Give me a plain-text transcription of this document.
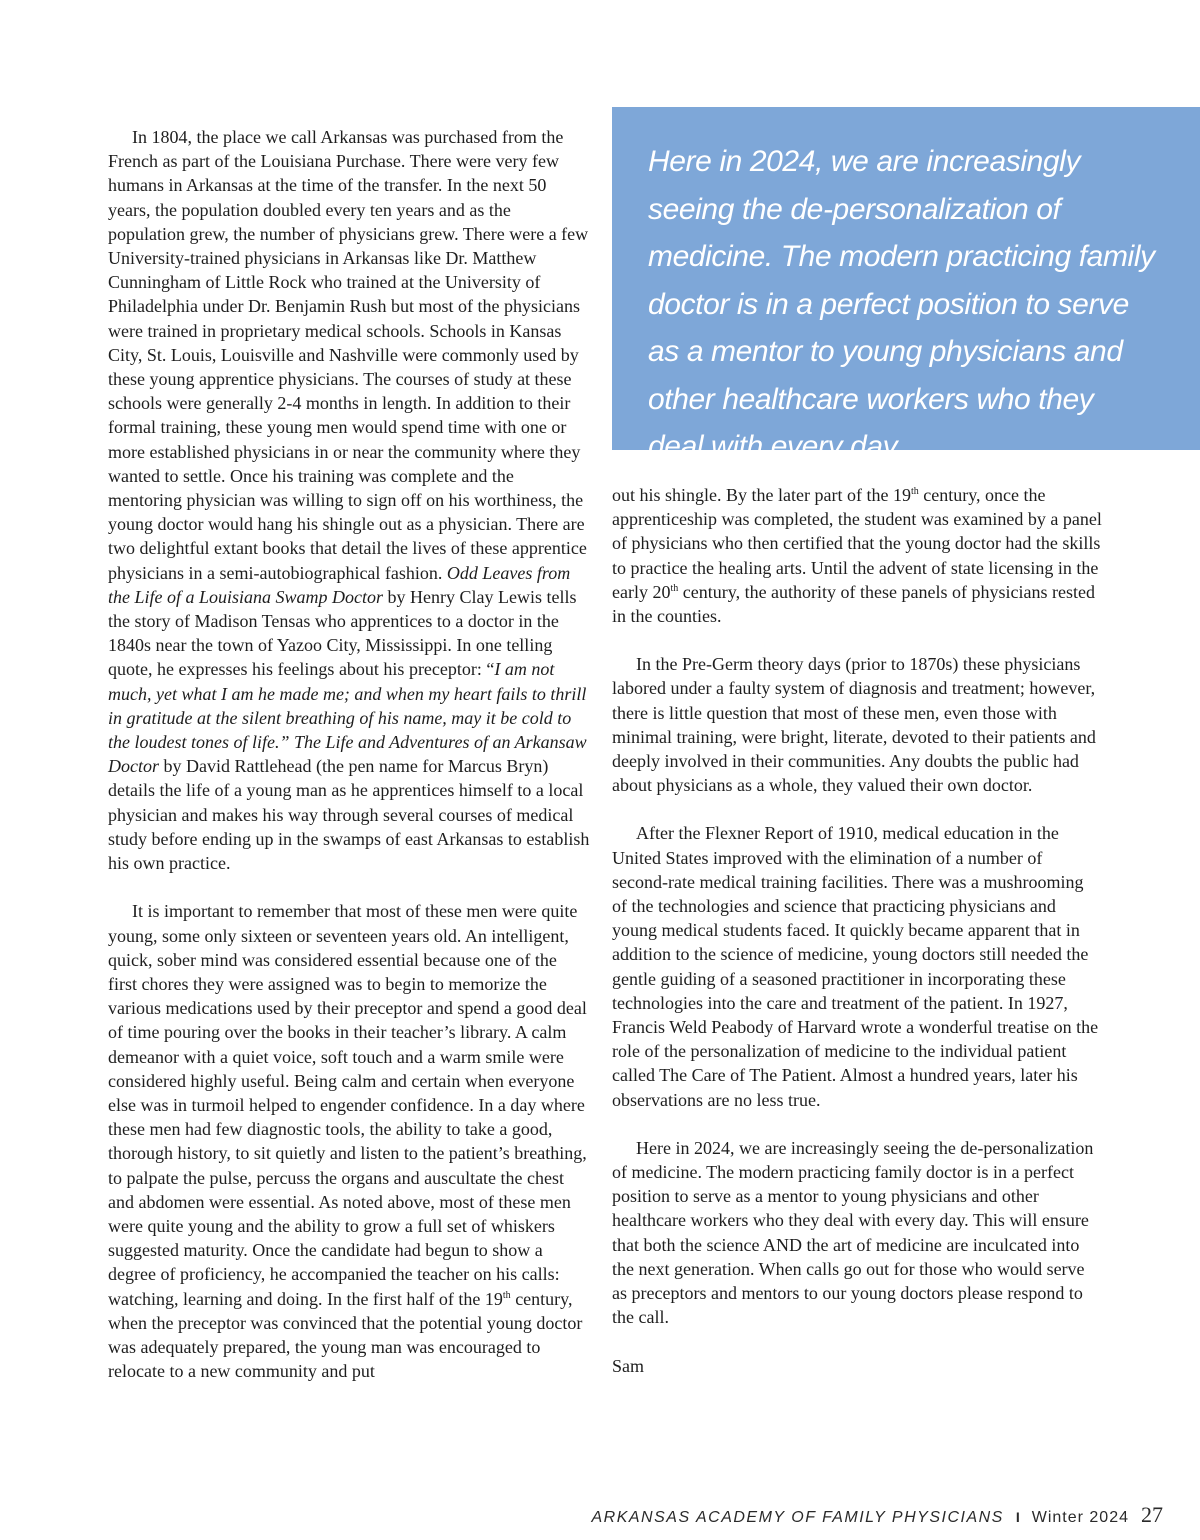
In 1804, the place we call Arkansas was purchased from the French as part of the Louisiana Purchase. There were very few humans in Arkansas at the time of the transfer. In the next 50 years, the population doubled every ten years and as the population grew, the number of physicians grew. There were a few University-trained physicians in Arkansas like Dr. Matthew Cunningham of Little Rock who trained at the University of Philadelphia under Dr. Benjamin Rush but most of the physicians were trained in proprietary medical schools. Schools in Kansas City, St. Louis, Louisville and Nashville were commonly used by these young apprentice physicians. The courses of study at these schools were generally 2-4 months in length. In addition to their formal training, these young men would spend time with one or more established physicians in or near the community where they wanted to settle. Once his training was complete and the mentoring physician was willing to sign off on his worthiness, the young doctor would hang his shingle out as a physician. There are two delightful extant books that detail the lives of these apprentice physicians in a semi-autobiographical fashion. Odd Leaves from the Life of a Louisiana Swamp Doctor by Henry Clay Lewis tells the story of Madison Tensas who apprentices to a doctor in the 1840s near the town of Yazoo City, Mississippi. In one telling quote, he expresses his feelings about his preceptor: “I am not much, yet what I am he made me; and when my heart fails to thrill in gratitude at the silent breathing of his name, may it be cold to the loudest tones of life.” The Life and Adventures of an Arkansaw Doctor by David Rattlehead (the pen name for Marcus Bryn) details the life of a young man as he apprentices himself to a local physician and makes his way through several courses of medical study before ending up in the swamps of east Arkansas to establish his own practice.

It is important to remember that most of these men were quite young, some only sixteen or seventeen years old. An intelligent, quick, sober mind was considered essential because one of the first chores they were assigned was to begin to memorize the various medications used by their preceptor and spend a good deal of time pouring over the books in their teacher’s library. A calm demeanor with a quiet voice, soft touch and a warm smile were considered highly useful. Being calm and certain when everyone else was in turmoil helped to engender confidence. In a day where these men had few diagnostic tools, the ability to take a good, thorough history, to sit quietly and listen to the patient’s breathing, to palpate the pulse, percuss the organs and auscultate the chest and abdomen were essential. As noted above, most of these men were quite young and the ability to grow a full set of whiskers suggested maturity. Once the candidate had begun to show a degree of proficiency, he accompanied the teacher on his calls: watching, learning and doing. In the first half of the 19th century, when the preceptor was convinced that the potential young doctor was adequately prepared, the young man was encouraged to relocate to a new community and put

Here in 2024, we are increasingly seeing the de-personalization of medicine. The modern practicing family doctor is in a perfect position to serve as a mentor to young physicians and other healthcare workers who they deal with every day.

out his shingle. By the later part of the 19th century, once the apprenticeship was completed, the student was examined by a panel of physicians who then certified that the young doctor had the skills to practice the healing arts. Until the advent of state licensing in the early 20th century, the authority of these panels of physicians rested in the counties.

In the Pre-Germ theory days (prior to 1870s) these physicians labored under a faulty system of diagnosis and treatment; however, there is little question that most of these men, even those with minimal training, were bright, literate, devoted to their patients and deeply involved in their communities. Any doubts the public had about physicians as a whole, they valued their own doctor.

After the Flexner Report of 1910, medical education in the United States improved with the elimination of a number of second-rate medical training facilities. There was a mushrooming of the technologies and science that practicing physicians and young medical students faced. It quickly became apparent that in addition to the science of medicine, young doctors still needed the gentle guiding of a seasoned practitioner in incorporating these technologies into the care and treatment of the patient. In 1927, Francis Weld Peabody of Harvard wrote a wonderful treatise on the role of the personalization of medicine to the individual patient called The Care of The Patient. Almost a hundred years, later his observations are no less true.

Here in 2024, we are increasingly seeing the de-personalization of medicine. The modern practicing family doctor is in a perfect position to serve as a mentor to young physicians and other healthcare workers who they deal with every day. This will ensure that both the science AND the art of medicine are inculcated into the next generation. When calls go out for those who would serve as preceptors and mentors to our young doctors please respond to the call.

Sam

ARKANSAS ACADEMY OF FAMILY PHYSICIANS I Winter 2024 27
